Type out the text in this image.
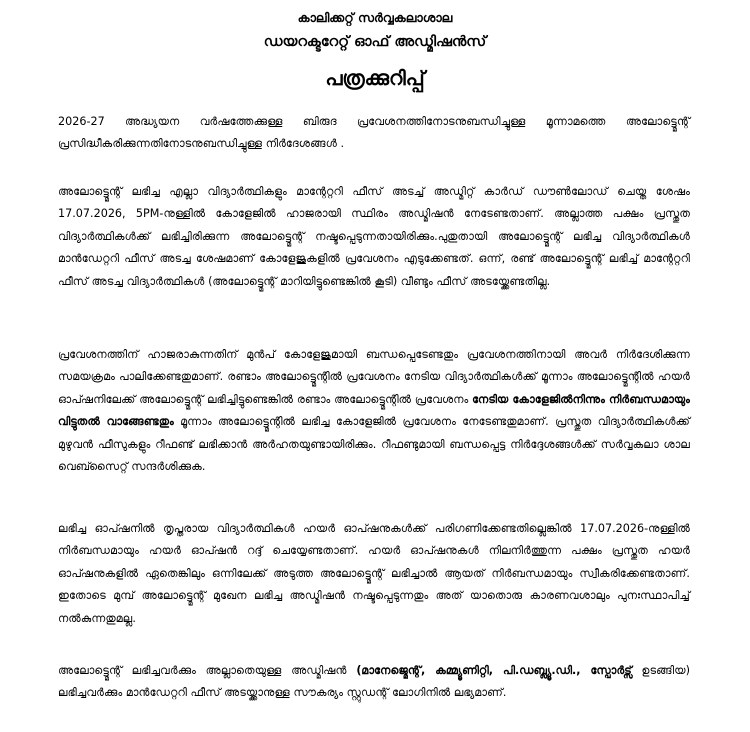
കാലിക്കറ്റ് സർവ്വകലാശാല
ഡയറക്ടറേറ്റ് ഓഫ് അഡ്മിഷൻസ്
പത്രക്കുറിപ്പ്
2026-27 അദ്ധ്യയന വർഷത്തേക്കുള്ള ബിരുദ പ്രവേശനത്തിനോടനുബന്ധിച്ചുള്ള മൂന്നാമത്തെ അലോട്ട്മെന്റ് പ്രസിദ്ധീകരിക്കുന്നതിനോടനുബന്ധിച്ചുള്ള നിർദേശങ്ങൾ .
അലോട്ട്മെന്റ് ലഭിച്ച എല്ലാ വിദ്യാർത്ഥികളും മാന്റേറ്ററി ഫീസ് അടച്ച് അഡ്മിറ്റ് കാർഡ് ഡൗൺലോഡ് ചെയ്ത ശേഷം 17.07.2026, 5PM-നുള്ളിൽ കോളേജിൽ ഹാജരായി സ്ഥിരം അഡ്മിഷൻ നേടേണ്ടതാണ്. അല്ലാത്ത പക്ഷം പ്രസ്തുത വിദ്യാർത്ഥികൾക്ക് ലഭിച്ചിരിക്കുന്ന അലോട്ട്മെന്റ് നഷ്ടപ്പെടുന്നതായിരിക്കും.പുതുതായി അലോട്ട്മെന്റ് ലഭിച്ച വിദ്യാർത്ഥികൾ മാൻഡേറ്ററി ഫീസ് അടച്ച ശേഷമാണ് കോളേജുകളിൽ പ്രവേശനം എടുക്കേണ്ടത്. ഒന്ന്, രണ്ട് അലോട്ട്മെന്റ് ലഭിച്ച് മാന്റേറ്ററി ഫീസ് അടച്ച വിദ്യാർത്ഥികൾ (അലോട്ട്മെന്റ് മാറിയിട്ടുണ്ടെങ്കിൽ കൂടി) വീണ്ടും ഫീസ് അടയ്ക്കേണ്ടതില്ല.
പ്രവേശനത്തിന് ഹാജരാകുന്നതിന് മുൻപ് കോളേജുമായി ബന്ധപ്പെടേണ്ടതും പ്രവേശനത്തിനായി അവർ നിർദേശിക്കുന്ന സമയക്രമം പാലിക്കേണ്ടതുമാണ്. രണ്ടാം അലോട്ട്മെന്റിൽ പ്രവേശനം നേടിയ വിദ്യാർത്ഥികൾക്ക് മൂന്നാം അലോട്ട്മെന്റിൽ ഹയർ ഓപ്ഷനിലേക്ക് അലോട്ട്മെന്റ് ലഭിച്ചിട്ടുണ്ടെങ്കിൽ രണ്ടാം അലോട്ട്മെന്റിൽ പ്രവേശനം നേടിയ കോളേജിൽനിന്നും നിർബന്ധമായും വിട്ടുതൽ വാങ്ങേണ്ടതും മൂന്നാം അലോട്ട്മെന്റിൽ ലഭിച്ച കോളേജിൽ പ്രവേശനം നേടേണ്ടതുമാണ്. പ്രസ്തുത വിദ്യാർത്ഥികൾക്ക് മുഴുവൻ ഫീസുകളും റീഫണ്ട് ലഭിക്കാൻ അർഹതയുണ്ടായിരിക്കും. റീഫണ്ടുമായി ബന്ധപ്പെട്ട നിർദ്ദേശങ്ങൾക്ക് സർവ്വകലാ ശാല വെബ്സൈറ്റ് സന്ദർശിക്കുക.
ലഭിച്ച ഓപ്ഷനിൽ തൃപ്തരായ വിദ്യാർത്ഥികൾ ഹയർ ഓപ്ഷനുകൾക്ക് പരിഗണിക്കേണ്ടതില്ലെങ്കിൽ 17.07.2026-നുള്ളിൽ നിർബന്ധമായും ഹയർ ഓപ്ഷൻ റദ്ദ് ചെയ്യേണ്ടതാണ്. ഹയർ ഓപ്ഷനുകൾ നിലനിർത്തുന്ന പക്ഷം പ്രസ്തുത ഹയർ ഓപ്ഷനുകളിൽ ഏതെങ്കിലും ഒന്നിലേക്ക് അടുത്ത അലോട്ട്മെന്റ് ലഭിച്ചാൽ ആയത് നിർബന്ധമായും സ്വീകരിക്കേണ്ടതാണ്. ഇതോടെ മുമ്പ് അലോട്ട്മെന്റ് മുഖേന ലഭിച്ച അഡ്മിഷൻ നഷ്ടപ്പെടുന്നതും അത് യാതൊരു കാരണവശാലും പുനഃസ്ഥാപിച്ച് നൽകുന്നതുമല്ല.
അലോട്ട്മെന്റ് ലഭിച്ചവർക്കും അല്ലാതെയുള്ള അഡ്മിഷൻ (മാനേജ്മെന്റ്, കമ്മ്യൂണിറ്റി, പി.ഡബ്ല്യൂ.ഡി., സ്പോർട്സ് ഉടങ്ങിയ) ലഭിച്ചവർക്കും മാൻഡേറ്ററി ഫീസ് അടയ്ക്കാനുള്ള സൗകര്യം സ്റ്റുഡന്റ് ലോഗിനിൽ ലഭ്യമാണ്.
